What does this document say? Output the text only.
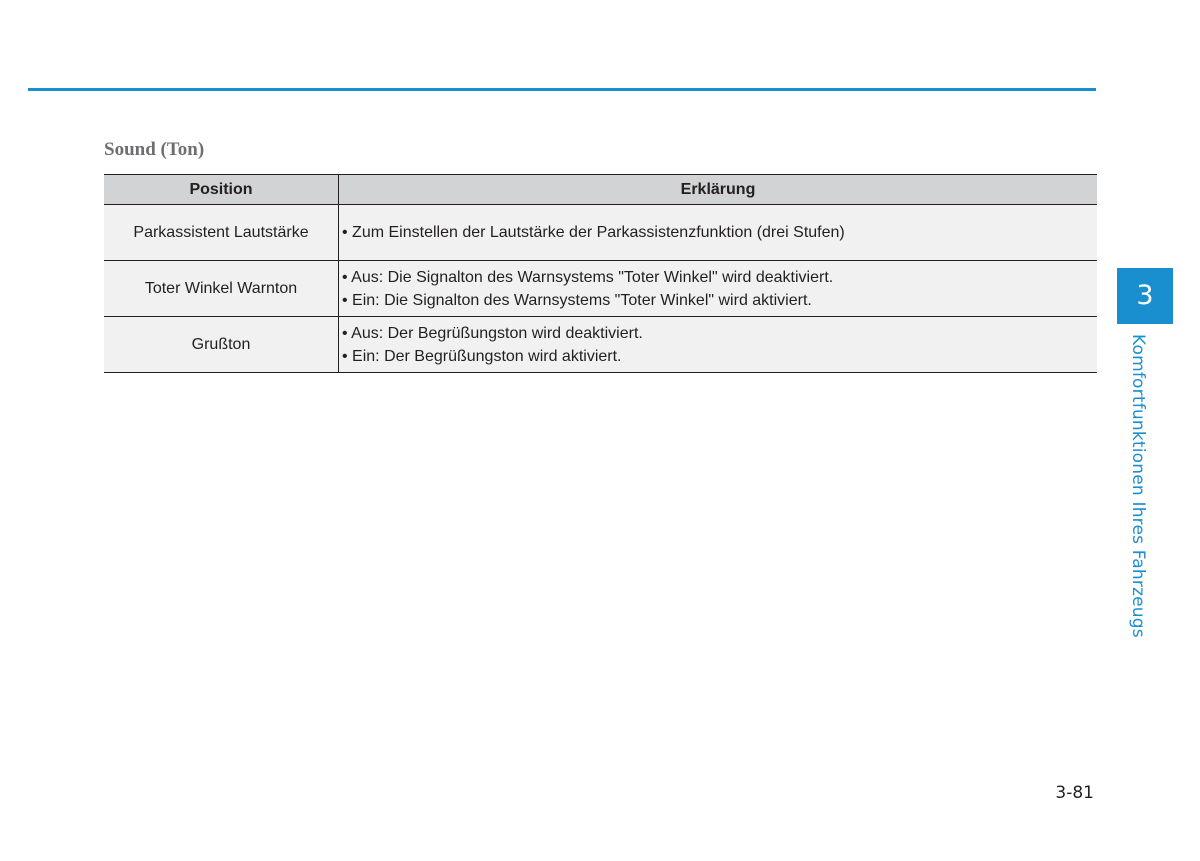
Sound (Ton)
Position	Erklärung
Parkassistent Lautstärke	• Zum Einstellen der Lautstärke der Parkassistenzfunktion (drei Stufen)

Toter Winkel Warnton	• Aus: Die Signalton des Warnsystems "Toter Winkel" wird deaktiviert.
• Ein: Die Signalton des Warnsystems "Toter Winkel" wird aktiviert.

Grußton	• Aus: Der Begrüßungston wird deaktiviert.
• Ein: Der Begrüßungston wird aktiviert.
3
Komfortfunktionen Ihres Fahrzeugs
3-81
